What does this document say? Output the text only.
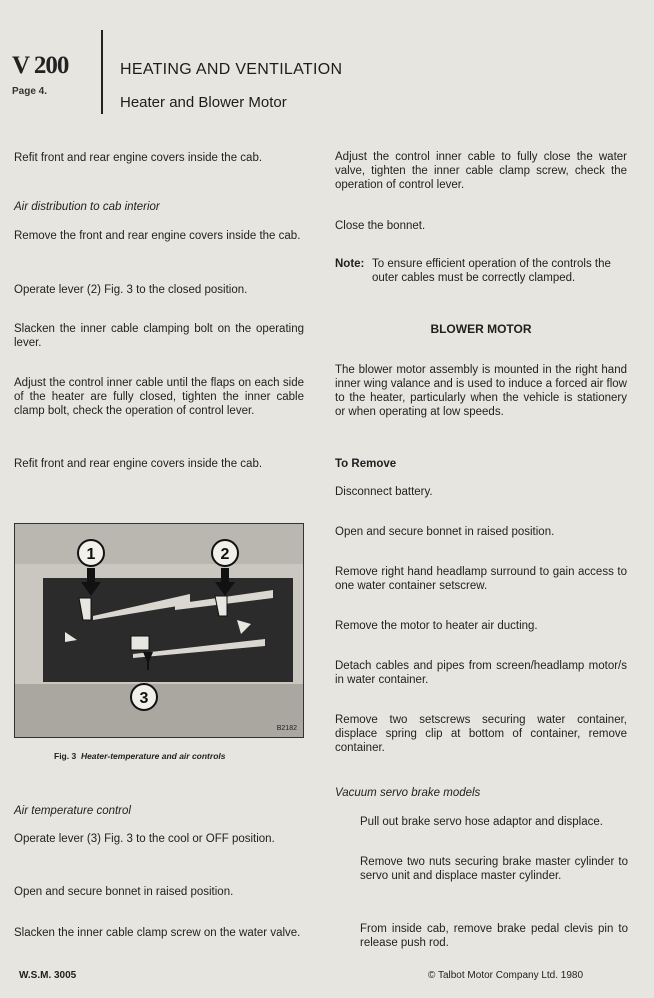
V 200
Page 4.
HEATING AND VENTILATION
Heater and Blower Motor
Refit front and rear engine covers inside the cab.
Air distribution to cab interior
Remove the front and rear engine covers inside the cab.
Operate lever (2) Fig. 3 to the closed position.
Slacken the inner cable clamping bolt on the operating lever.
Adjust the control inner cable until the flaps on each side of the heater are fully closed, tighten the inner cable clamp bolt, check the operation of control lever.
Refit front and rear engine covers inside the cab.
1	2
3
B2182
Fig. 3 Heater-temperature and air controls
Air temperature control
Operate lever (3) Fig. 3 to the cool or OFF position.
Open and secure bonnet in raised position.
Slacken the inner cable clamp screw on the water valve.
Adjust the control inner cable to fully close the water valve, tighten the inner cable clamp screw, check the operation of control lever.
Close the bonnet.
Note: To ensure efficient operation of the controls the outer cables must be correctly clamped.
BLOWER MOTOR
The blower motor assembly is mounted in the right hand inner wing valance and is used to induce a forced air flow to the heater, particularly when the vehicle is stationery or when operating at low speeds.
To Remove
Disconnect battery.
Open and secure bonnet in raised position.
Remove right hand headlamp surround to gain access to one water container setscrew.
Remove the motor to heater air ducting.
Detach cables and pipes from screen/headlamp motor/s in water container.
Remove two setscrews securing water container, displace spring clip at bottom of container, remove container.
Vacuum servo brake models
Pull out brake servo hose adaptor and displace.
Remove two nuts securing brake master cylinder to servo unit and displace master cylinder.
From inside cab, remove brake pedal clevis pin to release push rod.
W.S.M. 3005	© Talbot Motor Company Ltd. 1980
